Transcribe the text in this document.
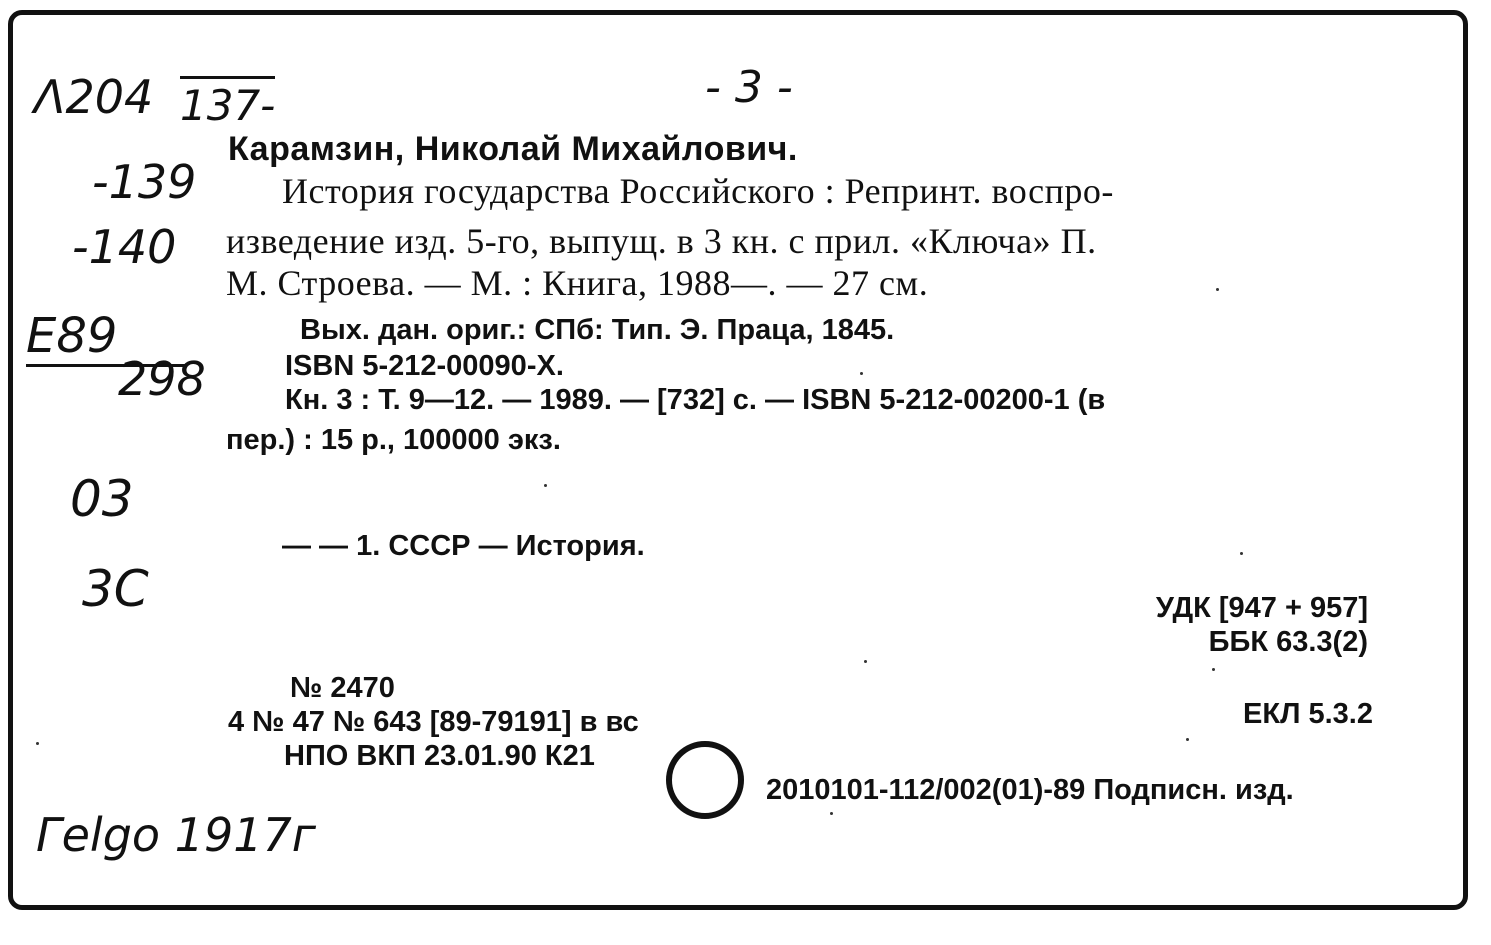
Λ204 137-	- 3 -
-139
-140
E89
298
03
3C
Гelgo 1917г
Карамзин, Николай Михайлович.
История государства Российского : Репринт. воспро-
изведение изд. 5-го, выпущ. в 3 кн. с прил. «Ключа» П.
М. Строева. — М. : Книга, 1988—. — 27 см.
Вых. дан. ориг.: СПб: Тип. Э. Праца, 1845.
ISBN 5-212-00090-X.
Кн. 3 : Т. 9—12. — 1989. — [732] с. — ISBN 5-212-00200-1 (в
пер.) : 15 р., 100000 экз.
— — 1. СССР — История.
УДК [947 + 957]
ББК 63.3(2)
ЕКЛ 5.3.2
№ 2470
4 № 47 № 643 [89-79191] в вс
НПО ВКП 23.01.90 К21
2010101-112/002(01)-89 Подписн. изд.
